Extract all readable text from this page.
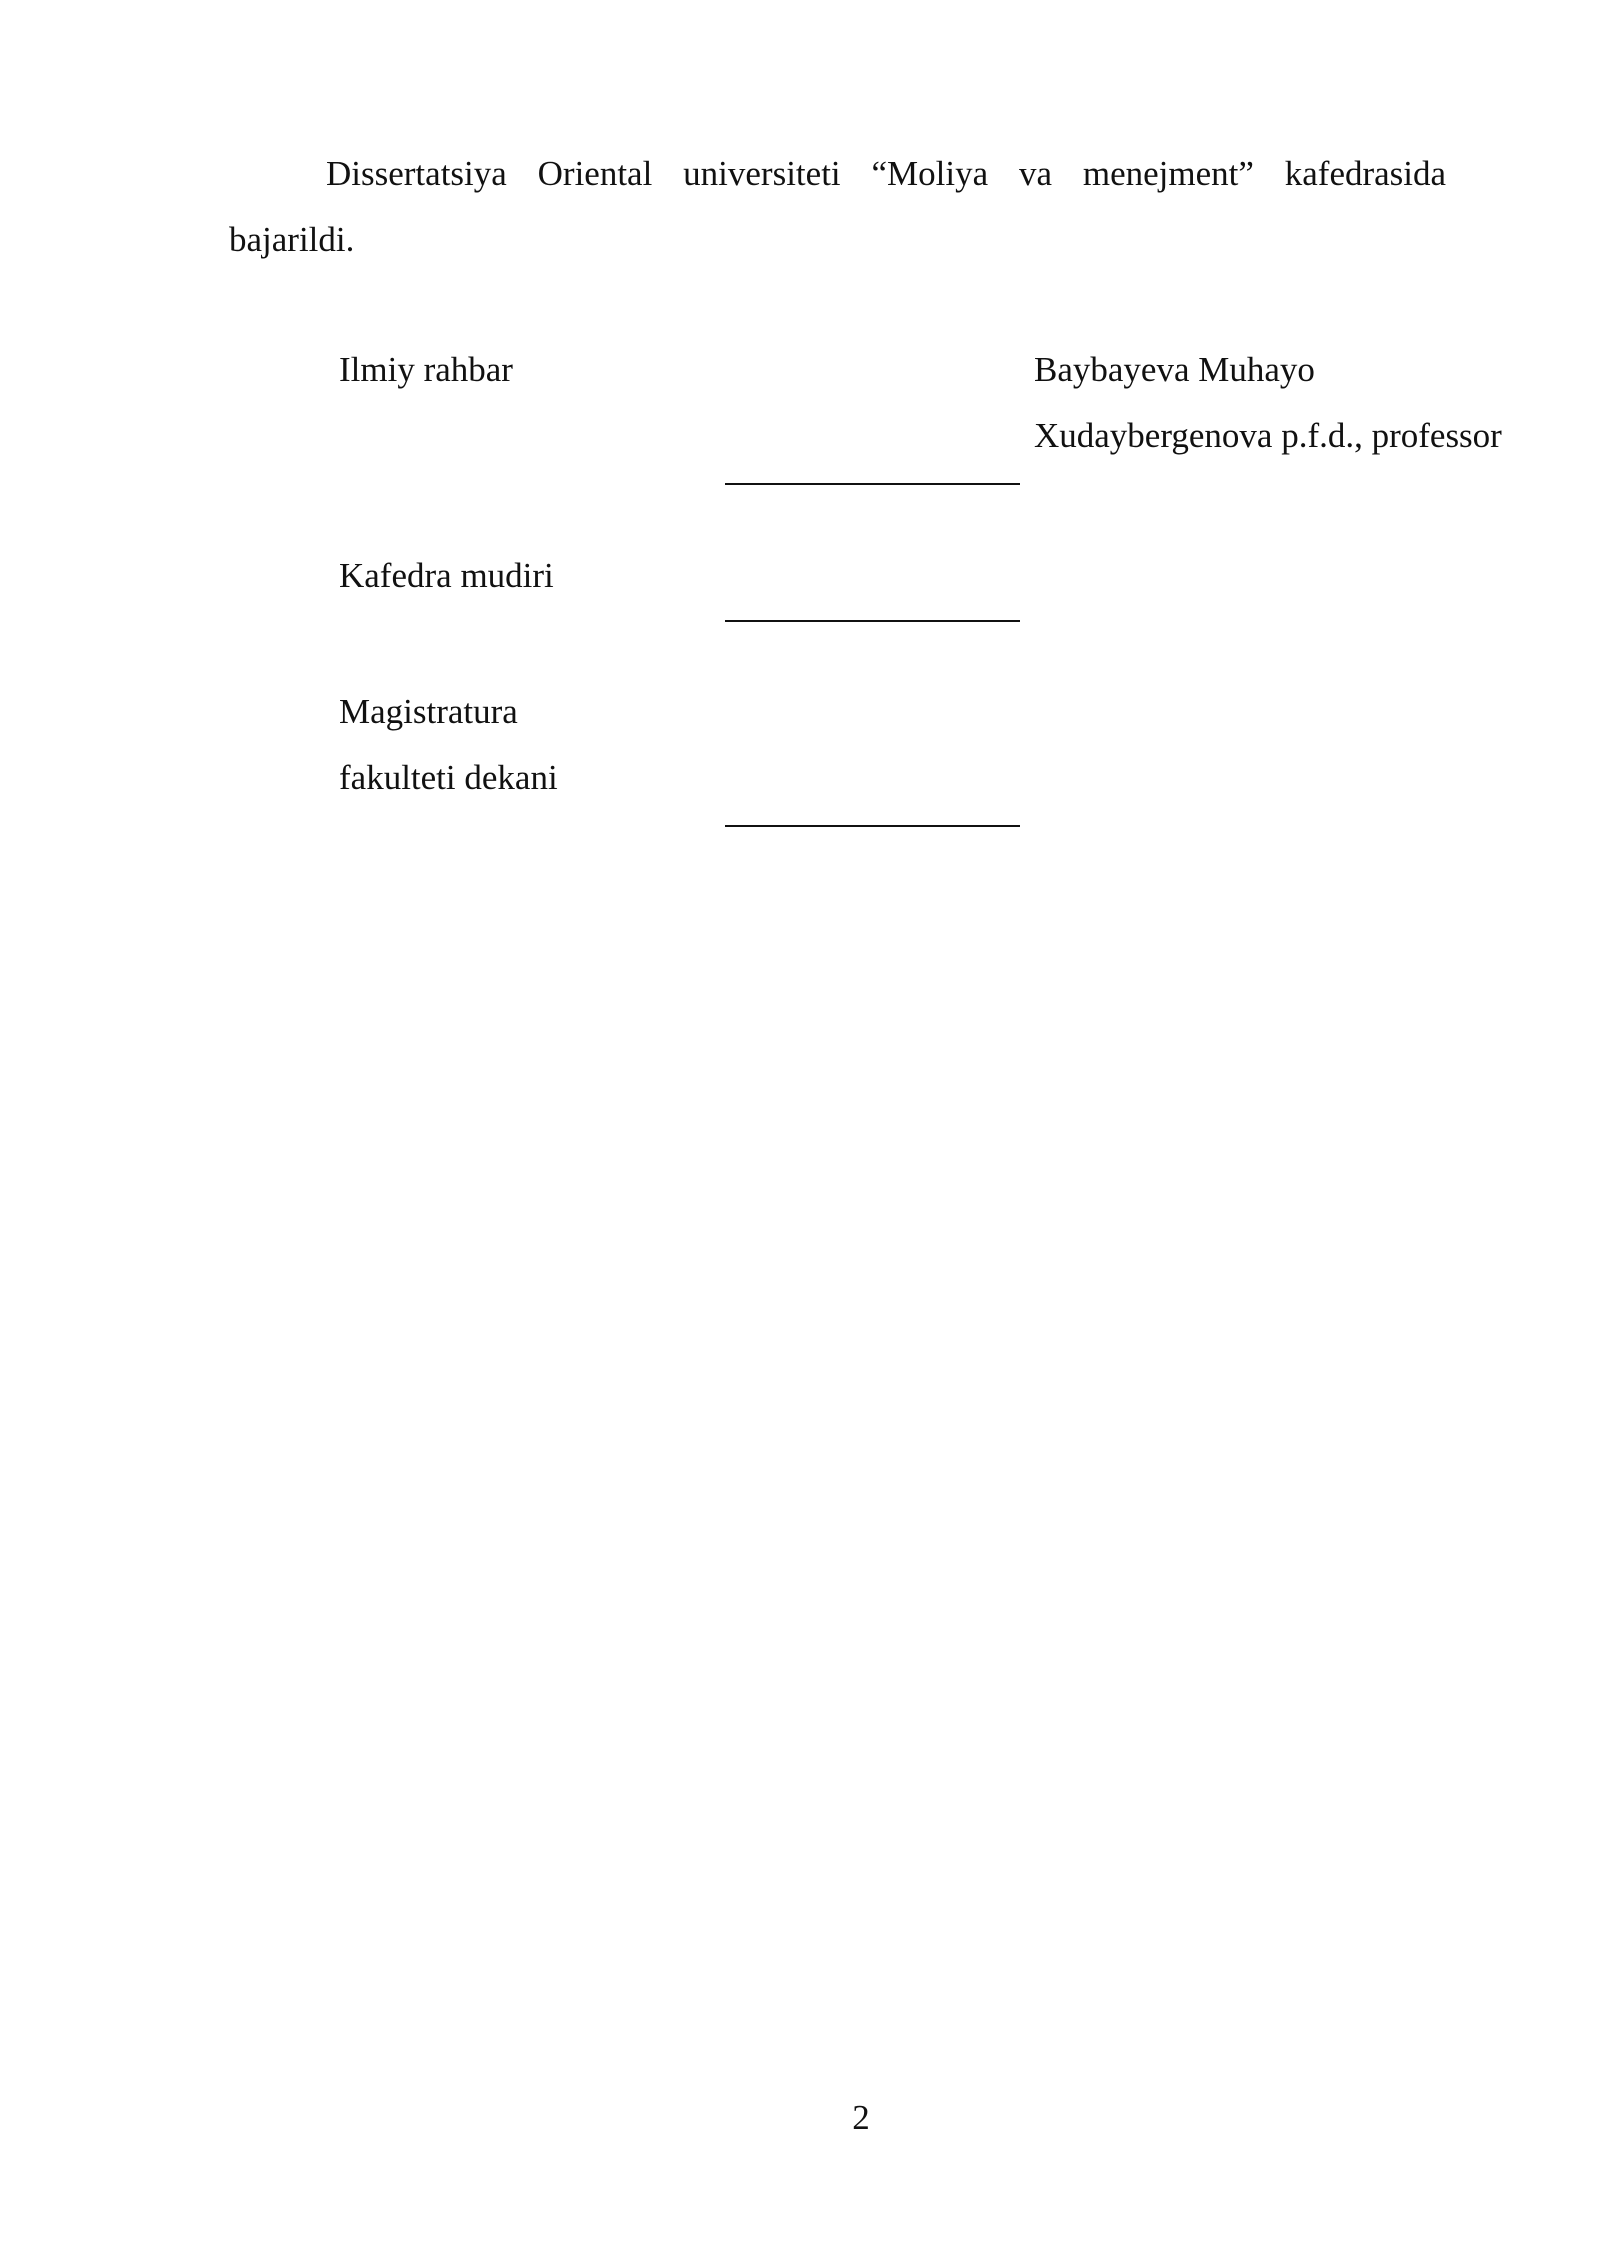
Dissertatsiya Oriental universiteti “Moliya va menejment” kafedrasida
bajarildi.
Ilmiy rahbar	Baybayeva Muhayo
Xudaybergenova p.f.d., professor
Kafedra mudiri
Magistratura
fakulteti dekani
2
